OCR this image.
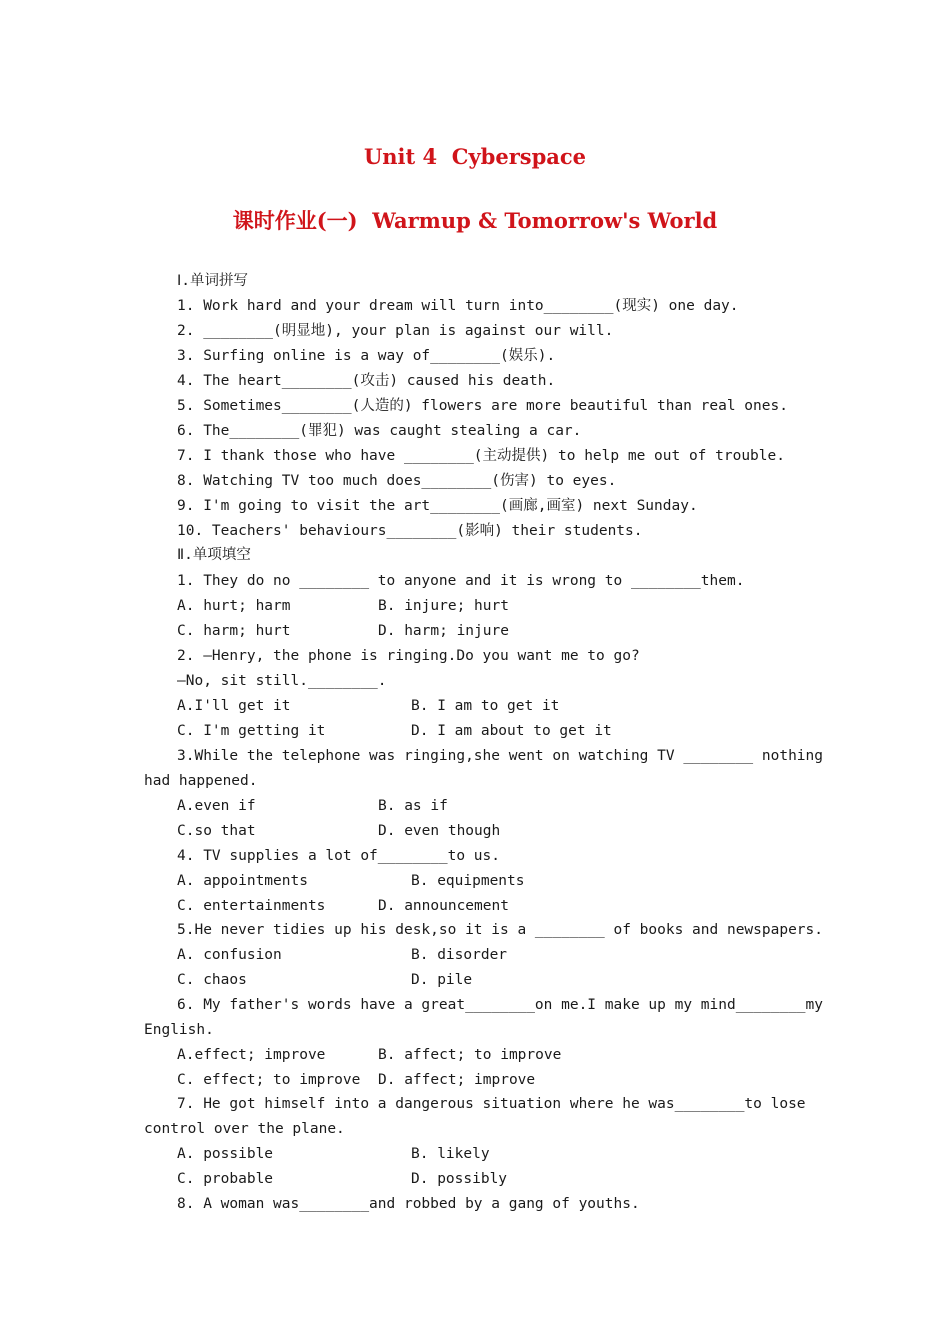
Unit 4  Cyberspace
课时作业(一)  Warmup & Tomorrow's World
Ⅰ.单词拼写
1. Work hard and your dream will turn into________(现实) one day.
2. ________(明显地), your plan is against our will.
3. Surfing online is a way of________(娱乐).
4. The heart________(攻击) caused his death.
5. Sometimes________(人造的) flowers are more beautiful than real ones.
6. The________(罪犯) was caught stealing a car.
7. I thank those who have ________(主动提供) to help me out of trouble.
8. Watching TV too much does________(伤害) to eyes.
9. I'm going to visit the art________(画廊,画室) next Sunday.
10. Teachers' behaviours________(影响) their students.
Ⅱ.单项填空
1. They do no ________ to anyone and it is wrong to ________them.
A. hurt; harm	B. injure; hurt
C. harm; hurt	D. harm; injure
2. —Henry, the phone is ringing.Do you want me to go?
—No, sit still.________.
A.I'll get it	B. I am to get it
C. I'm getting it	D. I am about to get it
3.While the telephone was ringing,she went on watching TV ________ nothing
had happened.
A.even if	B. as if
C.so that	D. even though
4. TV supplies a lot of________to us.
A. appointments	B. equipments
C. entertainments	D. announcement
5.He never tidies up his desk,so it is a ________ of books and newspapers.
A. confusion	B. disorder
C. chaos	D. pile
6. My father's words have a great________on me.I make up my mind________my
English.
A.effect; improve	B. affect; to improve
C. effect; to improve D. affect; improve
7. He got himself into a dangerous situation where he was________to lose
control over the plane.
A. possible	B. likely
C. probable	D. possibly
8. A woman was________and robbed by a gang of youths.
